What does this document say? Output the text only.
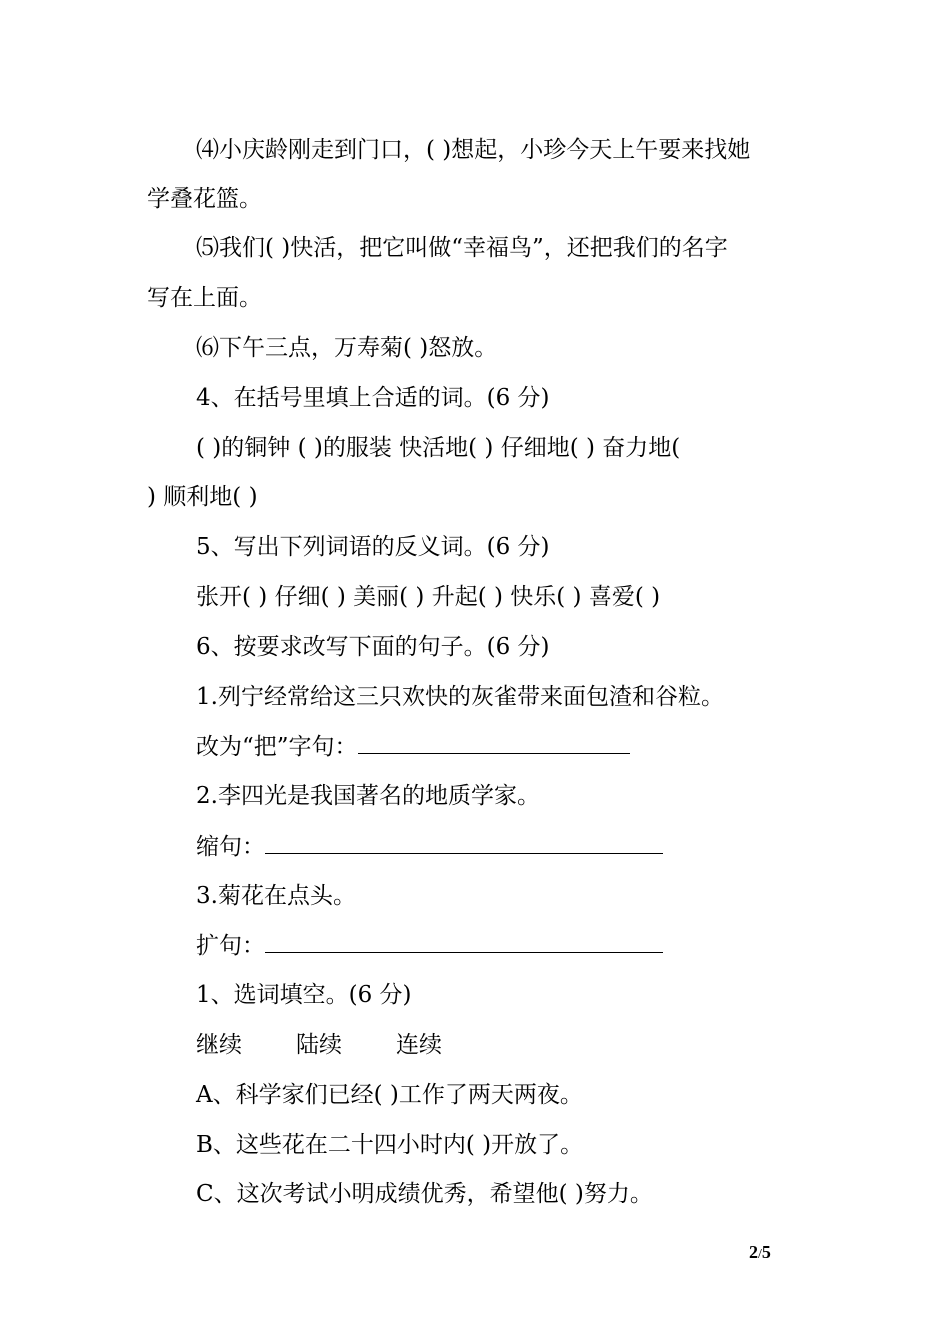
⑷小庆龄刚走到门口，( )想起，小珍今天上午要来找她
学叠花篮。
⑸我们( )快活，把它叫做“幸福鸟”，还把我们的名字
写在上面。
⑹下午三点，万寿菊( )怒放。
4、在括号里填上合适的词。(6 分)
( )的铜钟 ( )的服装 快活地( ) 仔细地( ) 奋力地(
) 顺利地( )
5、写出下列词语的反义词。(6 分)
张开( ) 仔细( ) 美丽( ) 升起( ) 快乐( ) 喜爱( )
6、按要求改写下面的句子。(6 分)
1.列宁经常给这三只欢快的灰雀带来面包渣和谷粒。
改为“把”字句：
2.李四光是我国著名的地质学家。
缩句：
3.菊花在点头。
扩句：
1、选词填空。(6 分)
继续 陆续 连续
A、科学家们已经( )工作了两天两夜。
B、这些花在二十四小时内( )开放了。
C、这次考试小明成绩优秀，希望他( )努力。
2/5
